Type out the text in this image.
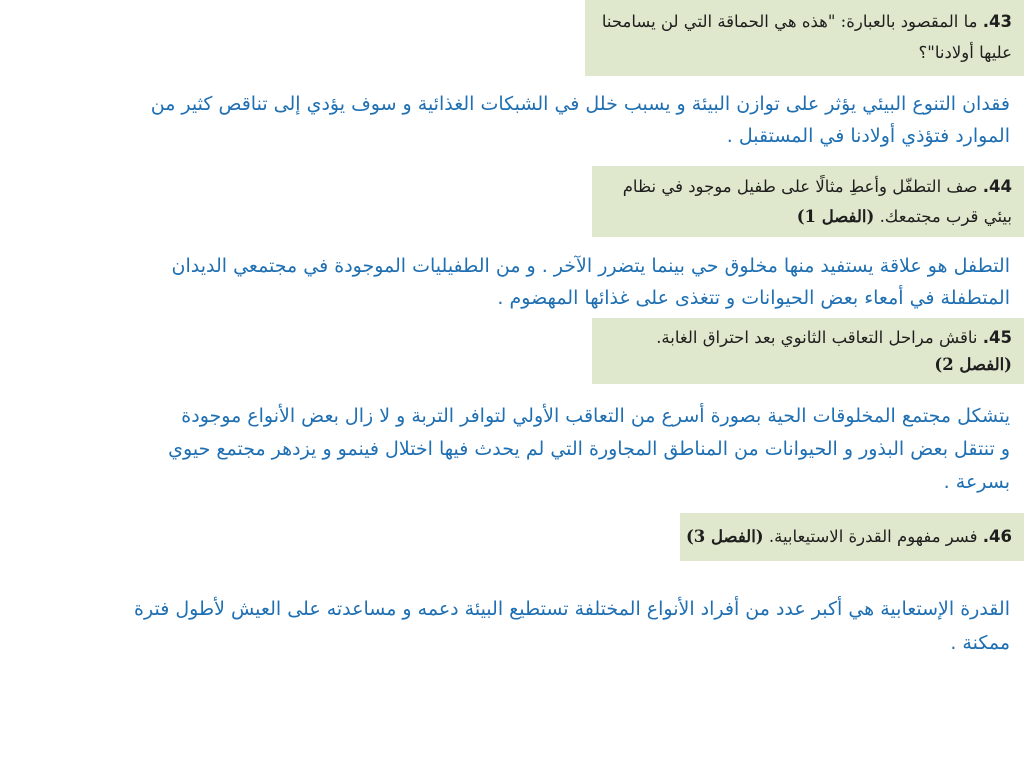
43. ما المقصود بالعبارة: "هذه هي الحماقة التي لن يسامحنا
عليها أولادنا"؟
فقدان التنوع البيئي يؤثر على توازن البيئة و يسبب خلل في الشبكات الغذائية و سوف يؤدي إلى تناقص كثير من
الموارد فتؤذي أولادنا في المستقبل .
44. صف التطفّل وأعطِ مثالًا على طفيل موجود في نظام
بيئي قرب مجتمعك. (الفصل 1)
التطفل هو علاقة يستفيد منها مخلوق حي بينما يتضرر الآخر . و من الطفيليات الموجودة في مجتمعي الديدان
المتطفلة في أمعاء بعض الحيوانات و تتغذى على غذائها المهضوم .
45. ناقش مراحل التعاقب الثانوي بعد احتراق الغابة.
(الفصل 2)
يتشكل مجتمع المخلوقات الحية بصورة أسرع من التعاقب الأولي لتوافر التربة و لا زال بعض الأنواع موجودة
و تنتقل بعض البذور و الحيوانات من المناطق المجاورة التي لم يحدث فيها اختلال فينمو و يزدهر مجتمع حيوي
بسرعة .
46. فسر مفهوم القدرة الاستيعابية. (الفصل 3)
القدرة الإستعابية هي أكبر عدد من أفراد الأنواع المختلفة تستطيع البيئة دعمه و مساعدته على العيش لأطول فترة
ممكنة .
